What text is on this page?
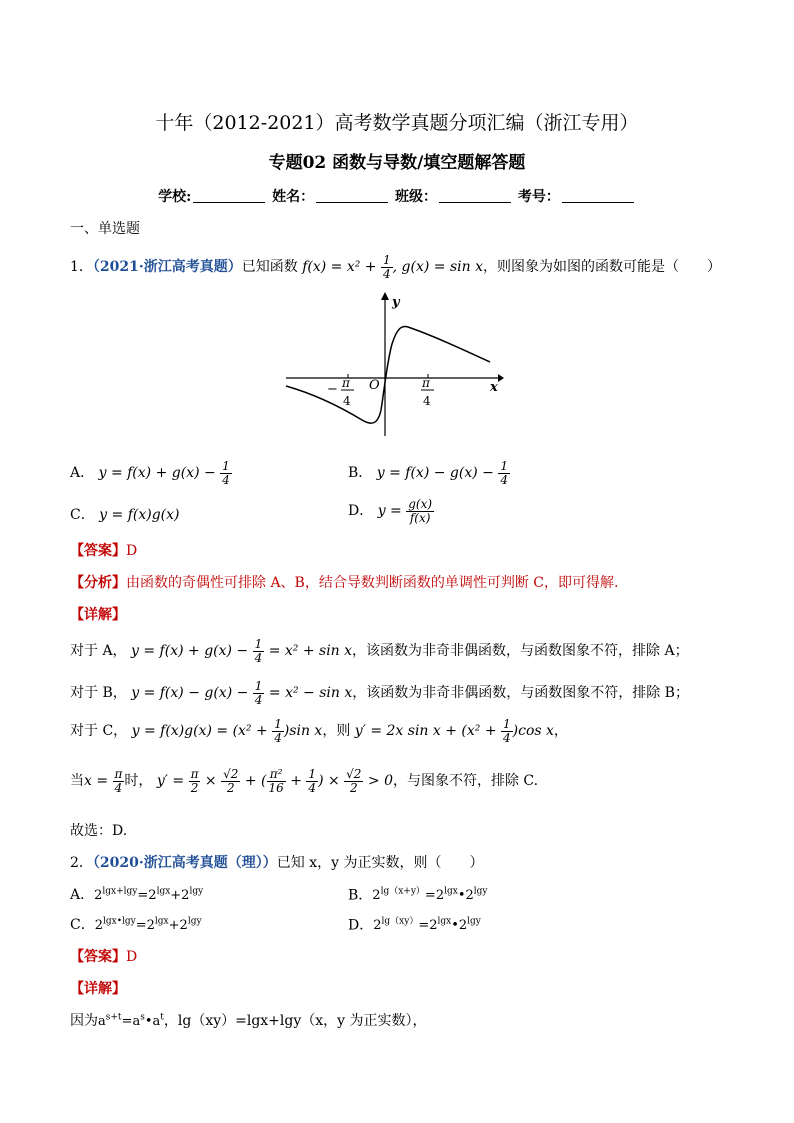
十年（2012-2021）高考数学真题分项汇编（浙江专用）
专题02 函数与导数/填空题解答题
学校:	姓名：	班级：	考号：
一、单选题
1．（2021·浙江高考真题）已知函数 $f(x) = x^2 + \frac{1}{4}$ , g(x) = sin x，则图象为如图的函数可能是（　　）
y
x
O
− π
4
π
4
A． $y = f(x) + g(x) - \frac{1}{4}$	B． $y = f(x) - g(x) - \frac{1}{4}$
C． y = f(x)g(x)	D． $y = \frac{g(x)}{f(x)}$
【答案】D
【分析】由函数的奇偶性可排除 A、B，结合导数判断函数的单调性可判断 C，即可得解.
【详解】
对于 A， $y = f(x) + g(x) - \frac{1}{4} = x^2 + \sin x$，该函数为非奇非偶函数，与函数图象不符，排除 A；
对于 B， $y = f(x) - g(x) - \frac{1}{4} = x^2 - \sin x$，该函数为非奇非偶函数，与函数图象不符，排除 B；
对于 C， $y = f(x)g(x) = (x^2 + \frac{1}{4} )\sin$ x，则 y′ = 2x $\sin x + (x^2 + \frac{1}{4} )\cos$ x，
当$x = \frac{\pi}{4}$ 时， $y' = \frac{\pi}{2} \times \frac{√2}{2}$ + ( $\frac{\text{π²}}{16} + \frac{1}{4}$ ) × $\frac{√2}{2} > 0$，与图象不符，排除 C.
故选：D.
2．（2020·浙江高考真题（理））已知 x，y 为正实数，则（　　）
A．$2^{lgx+lgy}=2^{lgx}+2^{lgy}$	B．$2^{lg(x+y)}=2^{lgx}•2^{lgy}$
C．$2^{lgx•lgy}=2^{lgx}+2^{lgy}$	D．$2^{lg(xy)}=2^{lgx}•2^{lgy}$
【答案】D
【详解】
因为$a^{s+t}=a^s•a^t$，lg（xy）=lgx+lgy（x，y 为正实数），
